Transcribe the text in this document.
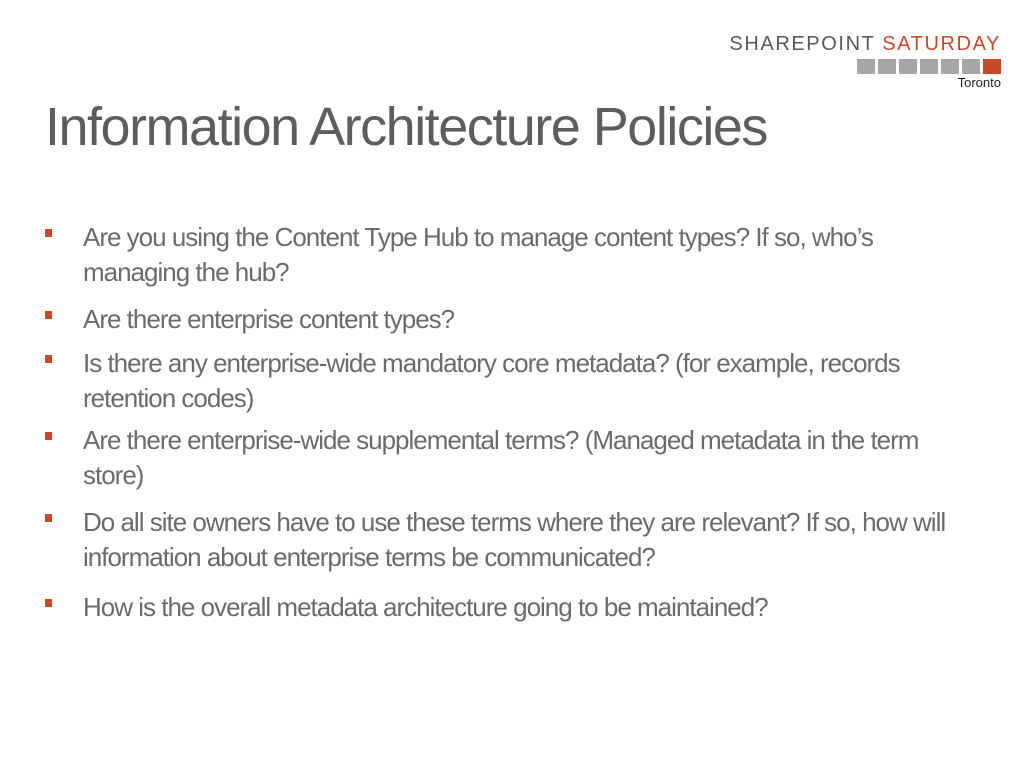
SHAREPOINT SATURDAY
Toronto
Information Architecture Policies
Are you using the Content Type Hub to manage content types? If so, who’s managing the hub?
Are there enterprise content types?
Is there any enterprise-wide mandatory core metadata? (for example, records retention codes)
Are there enterprise-wide supplemental terms? (Managed metadata in the term store)
Do all site owners have to use these terms where they are relevant? If so, how will information about enterprise terms be communicated?
How is the overall metadata architecture going to be maintained?
